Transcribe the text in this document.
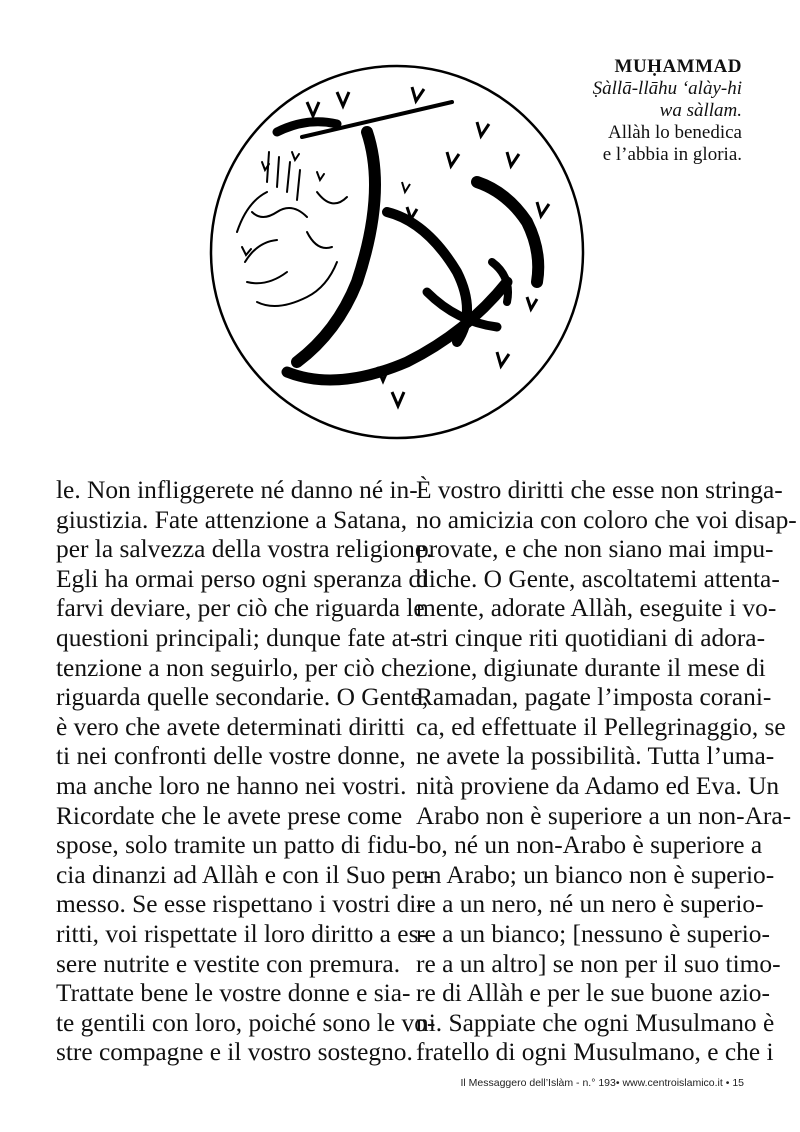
MUḤAMMAD
Ṣàllā-llāhu ‘alày-hi
wa sàllam.
Allàh lo benedica
e l’abbia in gloria.
le. Non infliggerete né danno né in-
giustizia. Fate attenzione a Satana,
per la salvezza della vostra religione.
Egli ha ormai perso ogni speranza di
farvi deviare, per ciò che riguarda le
questioni principali; dunque fate at-
tenzione a non seguirlo, per ciò che
riguarda quelle secondarie. O Gente,
è vero che avete determinati diritti
ti nei confronti delle vostre donne,
ma anche loro ne hanno nei vostri.
Ricordate che le avete prese come
spose, solo tramite un patto di fidu-
cia dinanzi ad Allàh e con il Suo per-
messo. Se esse rispettano i vostri di-
ritti, voi rispettate il loro diritto a es-
sere nutrite e vestite con premura.
Trattate bene le vostre donne e sia-
te gentili con loro, poiché sono le vo-
stre compagne e il vostro sostegno.
È vostro diritti che esse non stringa-
no amicizia con coloro che voi disap-
provate, e che non siano mai impu-
diche. O Gente, ascoltatemi attenta-
mente, adorate Allàh, eseguite i vo-
stri cinque riti quotidiani di adora-
zione, digiunate durante il mese di
Ramadan, pagate l’imposta corani-
ca, ed effettuate il Pellegrinaggio, se
ne avete la possibilità. Tutta l’uma-
nità proviene da Adamo ed Eva. Un
Arabo non è superiore a un non-Ara-
bo, né un non-Arabo è superiore a
un Arabo; un bianco non è superio-
re a un nero, né un nero è superio-
re a un bianco; [nessuno è superio-
re a un altro] se non per il suo timo-
re di Allàh e per le sue buone azio-
ni. Sappiate che ogni Musulmano è
fratello di ogni Musulmano, e che i
Il Messaggero dell’Islàm - n.° 193• www.centroislamico.it • 15
